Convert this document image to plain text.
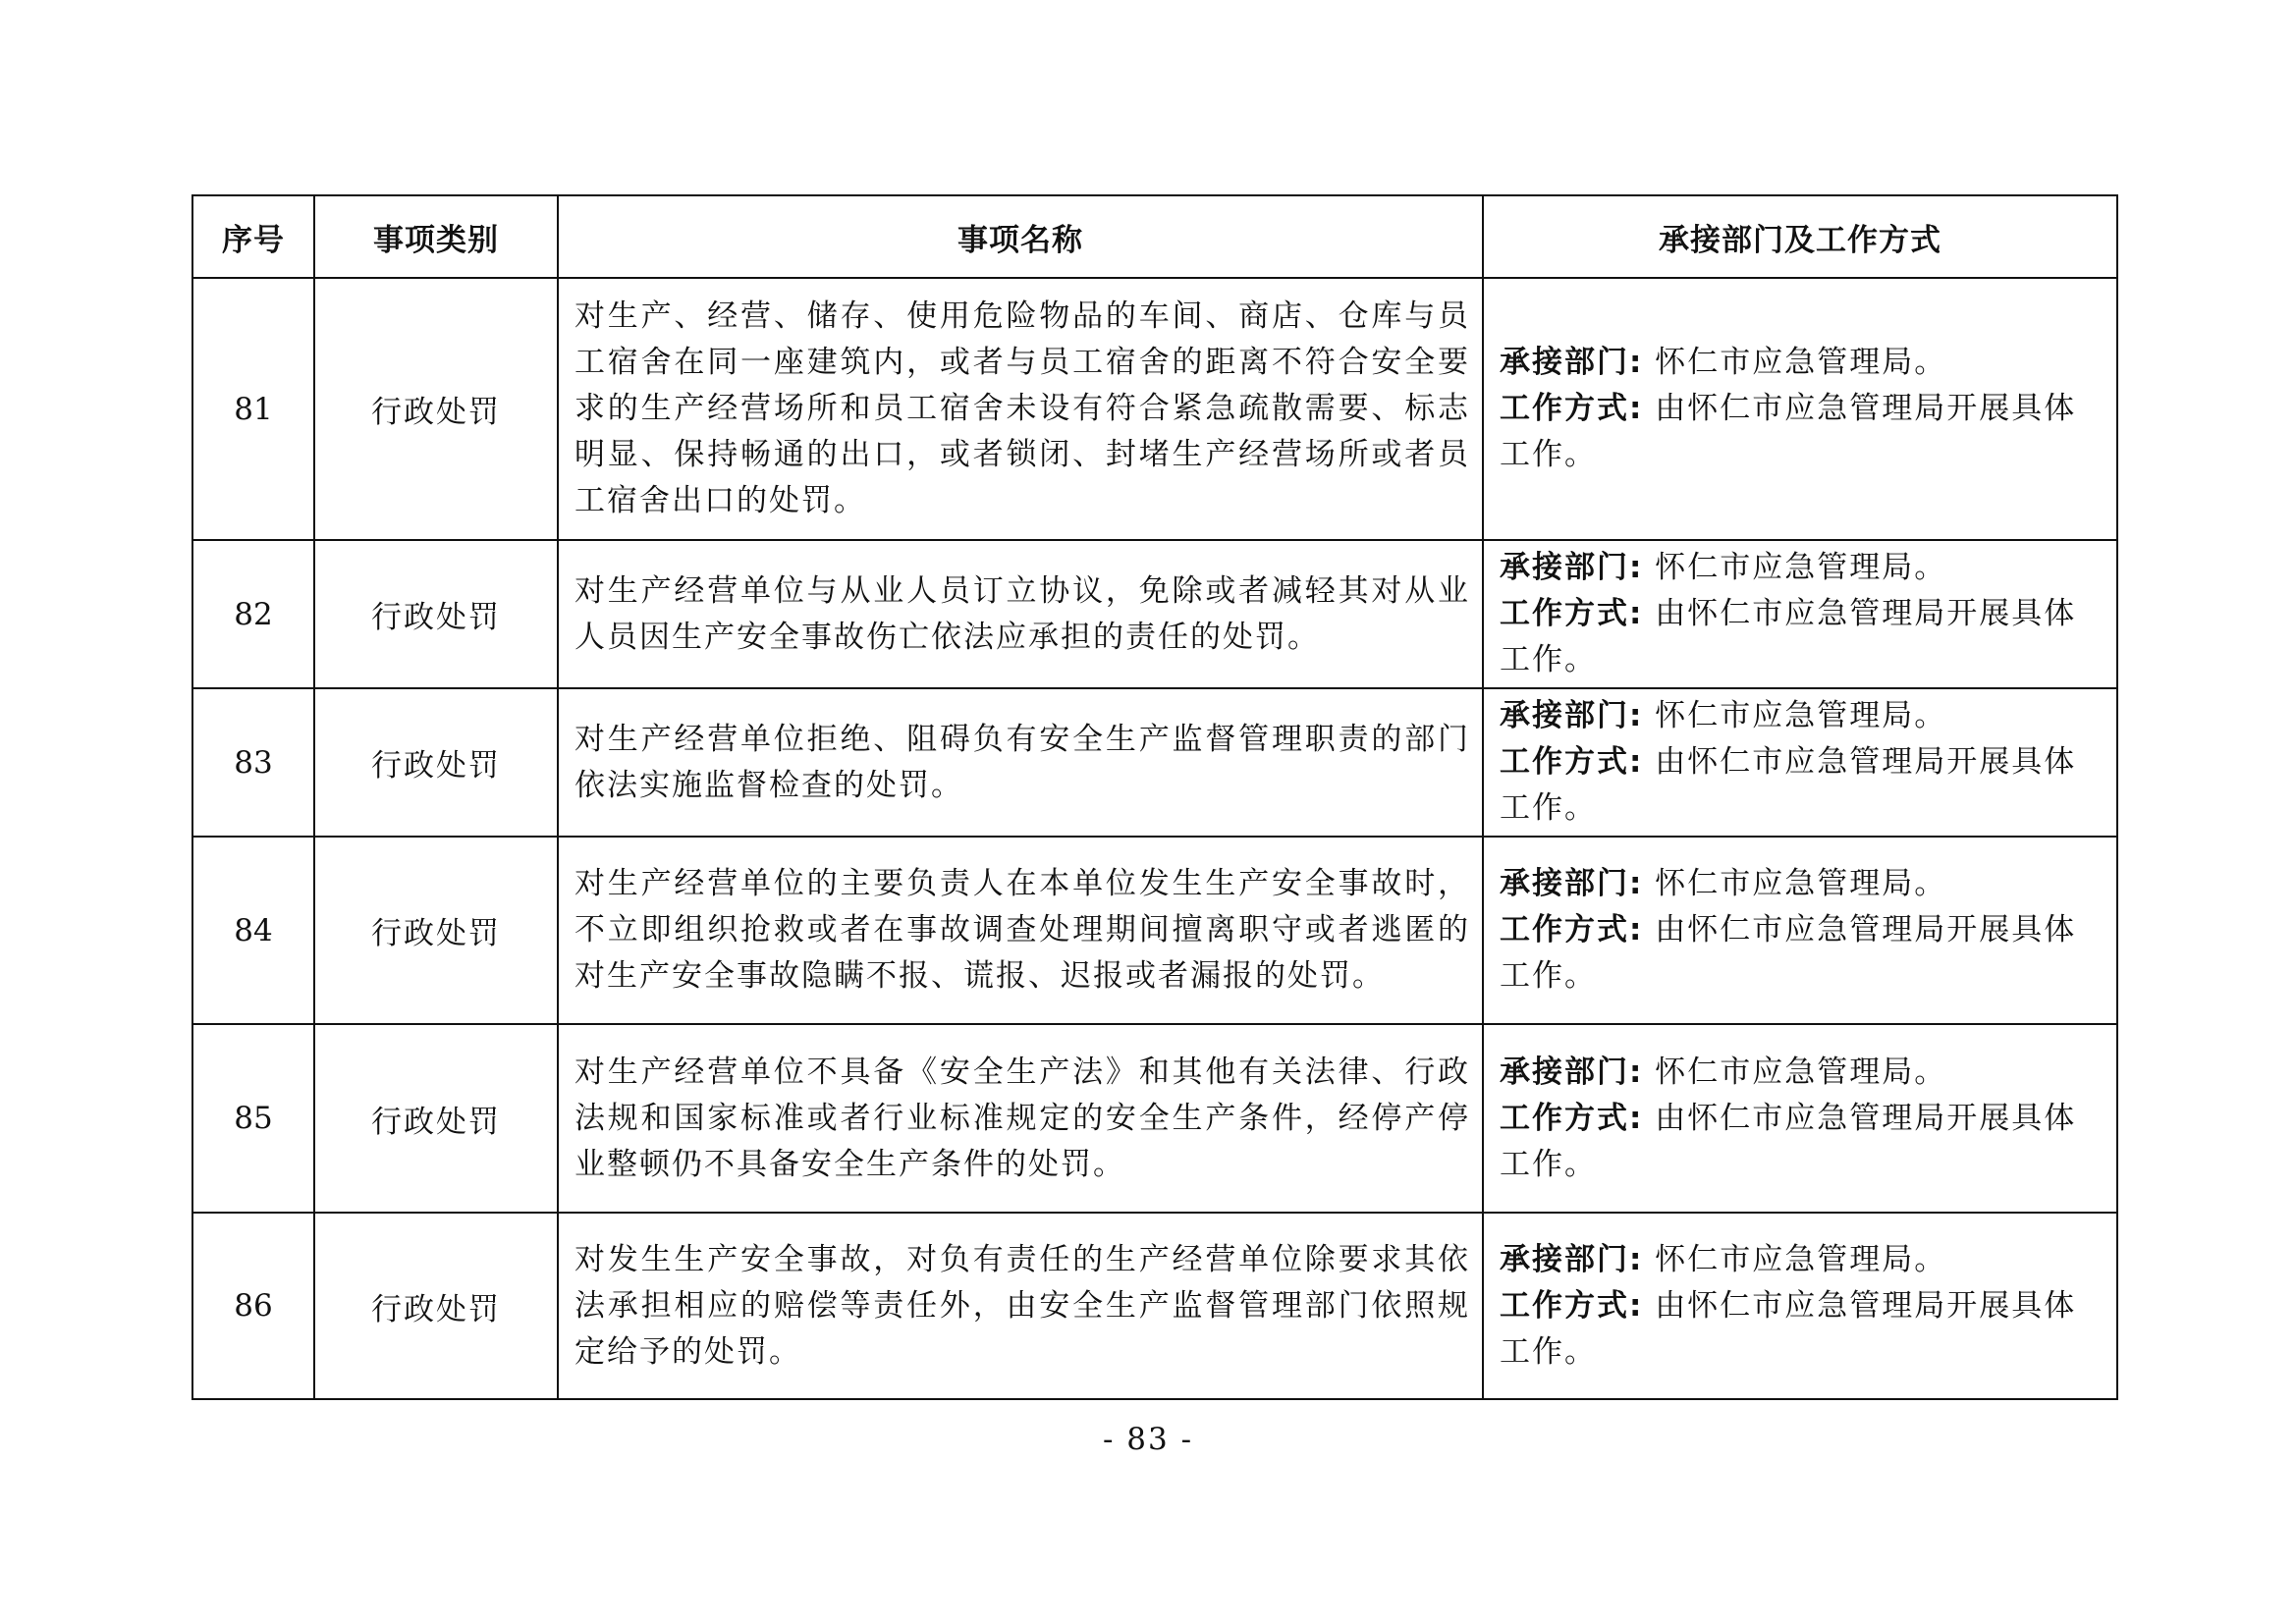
序号	事项类别	事项名称	承接部门及工作方式
81	行政处罚	对生产、经营、储存、使用危险物品的车间、商店、仓库与员工宿舍在同一座建筑内，或者与员工宿舍的距离不符合安全要求的生产经营场所和员工宿舍未设有符合紧急疏散需要、标志明显、保持畅通的出口，或者锁闭、封堵生产经营场所或者员工宿舍出口的处罚。	承接部门: 怀仁市应急管理局。
工作方式: 由怀仁市应急管理局开展具体工作。

82	行政处罚	对生产经营单位与从业人员订立协议，免除或者减轻其对从业人员因生产安全事故伤亡依法应承担的责任的处罚。	承接部门: 怀仁市应急管理局。
工作方式: 由怀仁市应急管理局开展具体工作。

83	行政处罚	对生产经营单位拒绝、阻碍负有安全生产监督管理职责的部门依法实施监督检查的处罚。	承接部门: 怀仁市应急管理局。
工作方式: 由怀仁市应急管理局开展具体工作。

84	行政处罚	对生产经营单位的主要负责人在本单位发生生产安全事故时，不立即组织抢救或者在事故调查处理期间擅离职守或者逃匿的对生产安全事故隐瞒不报、谎报、迟报或者漏报的处罚。	承接部门: 怀仁市应急管理局。
工作方式: 由怀仁市应急管理局开展具体工作。

85	行政处罚	对生产经营单位不具备《安全生产法》和其他有关法律、行政法规和国家标准或者行业标准规定的安全生产条件，经停产停业整顿仍不具备安全生产条件的处罚。	承接部门: 怀仁市应急管理局。
工作方式: 由怀仁市应急管理局开展具体工作。

86	行政处罚	对发生生产安全事故，对负有责任的生产经营单位除要求其依法承担相应的赔偿等责任外，由安全生产监督管理部门依照规定给予的处罚。	承接部门: 怀仁市应急管理局。
工作方式: 由怀仁市应急管理局开展具体工作。
- 83 -
